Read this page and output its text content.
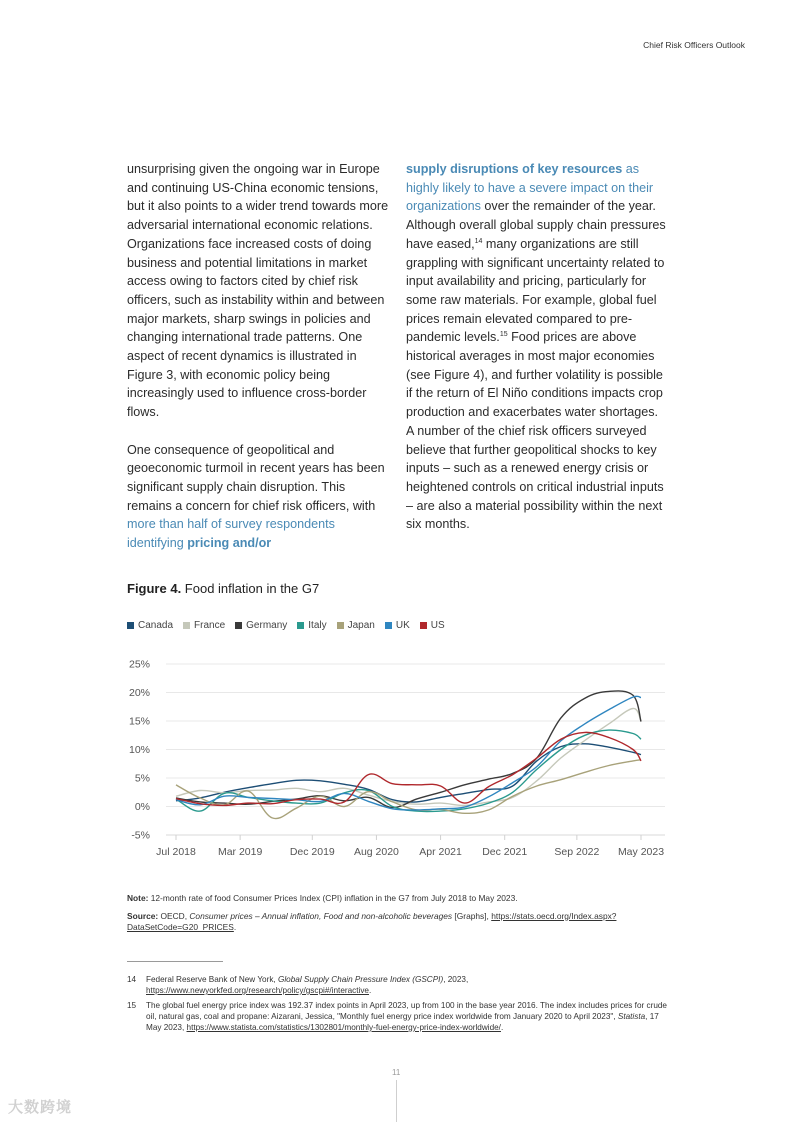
Chief Risk Officers Outlook

unsurprising given the ongoing war in Europe and continuing US-China economic tensions, but it also points to a wider trend towards more adversarial international economic relations. Organizations face increased costs of doing business and potential limitations in market access owing to factors cited by chief risk officers, such as instability within and between major markets, sharp swings in policies and changing international trade patterns. One aspect of recent dynamics is illustrated in Figure 3, with economic policy being increasingly used to influence cross-border flows.

One consequence of geopolitical and geoeconomic turmoil in recent years has been significant supply chain disruption. This remains a concern for chief risk officers, with more than half of survey respondents identifying pricing and/or

supply disruptions of key resources as highly likely to have a severe impact on their organizations over the remainder of the year. Although overall global supply chain pressures have eased,$^{14}$ many organizations are still grappling with significant uncertainty related to input availability and pricing, particularly for some raw materials. For example, global fuel prices remain elevated compared to pre-pandemic levels.$^{15}$ Food prices are above historical averages in most major economies (see Figure 4), and further volatility is possible if the return of El Niño conditions impacts crop production and exacerbates water shortages. A number of the chief risk officers surveyed believe that further geopolitical shocks to key inputs – such as a renewed energy crisis or heightened controls on critical industrial inputs – are also a material possibility within the next six months.

Figure 4. Food inflation in the G7
Canada France Germany Italy Japan UK US
-5%
0%
5%
10%
15%
20%
25%
Jul 2018 Mar 2019	Dec 2019 Aug 2020 Apr 2021 Dec 2021	Sep 2022 May 2023

Note: 12-month rate of food Consumer Prices Index (CPI) inflation in the G7 from July 2018 to May 2023.

Source: OECD, Consumer prices – Annual inflation, Food and non-alcoholic beverages [Graphs], https://stats.oecd.org/Index.aspx?DataSetCode=G20_PRICES.

14	Federal Reserve Bank of New York, Global Supply Chain Pressure Index (GSCPI), 2023, https://www.newyorkfed.org/research/policy/gscpi#/interactive.
15	The global fuel energy price index was 192.37 index points in April 2023, up from 100 in the base year 2016. The index includes prices for crude oil, natural gas, coal and propane: Aizarani, Jessica, "Monthly fuel energy price index worldwide from January 2020 to April 2023", Statista, 17 May 2023, https://www.statista.com/statistics/1302801/monthly-fuel-energy-price-index-worldwide/.
11
大数跨境
